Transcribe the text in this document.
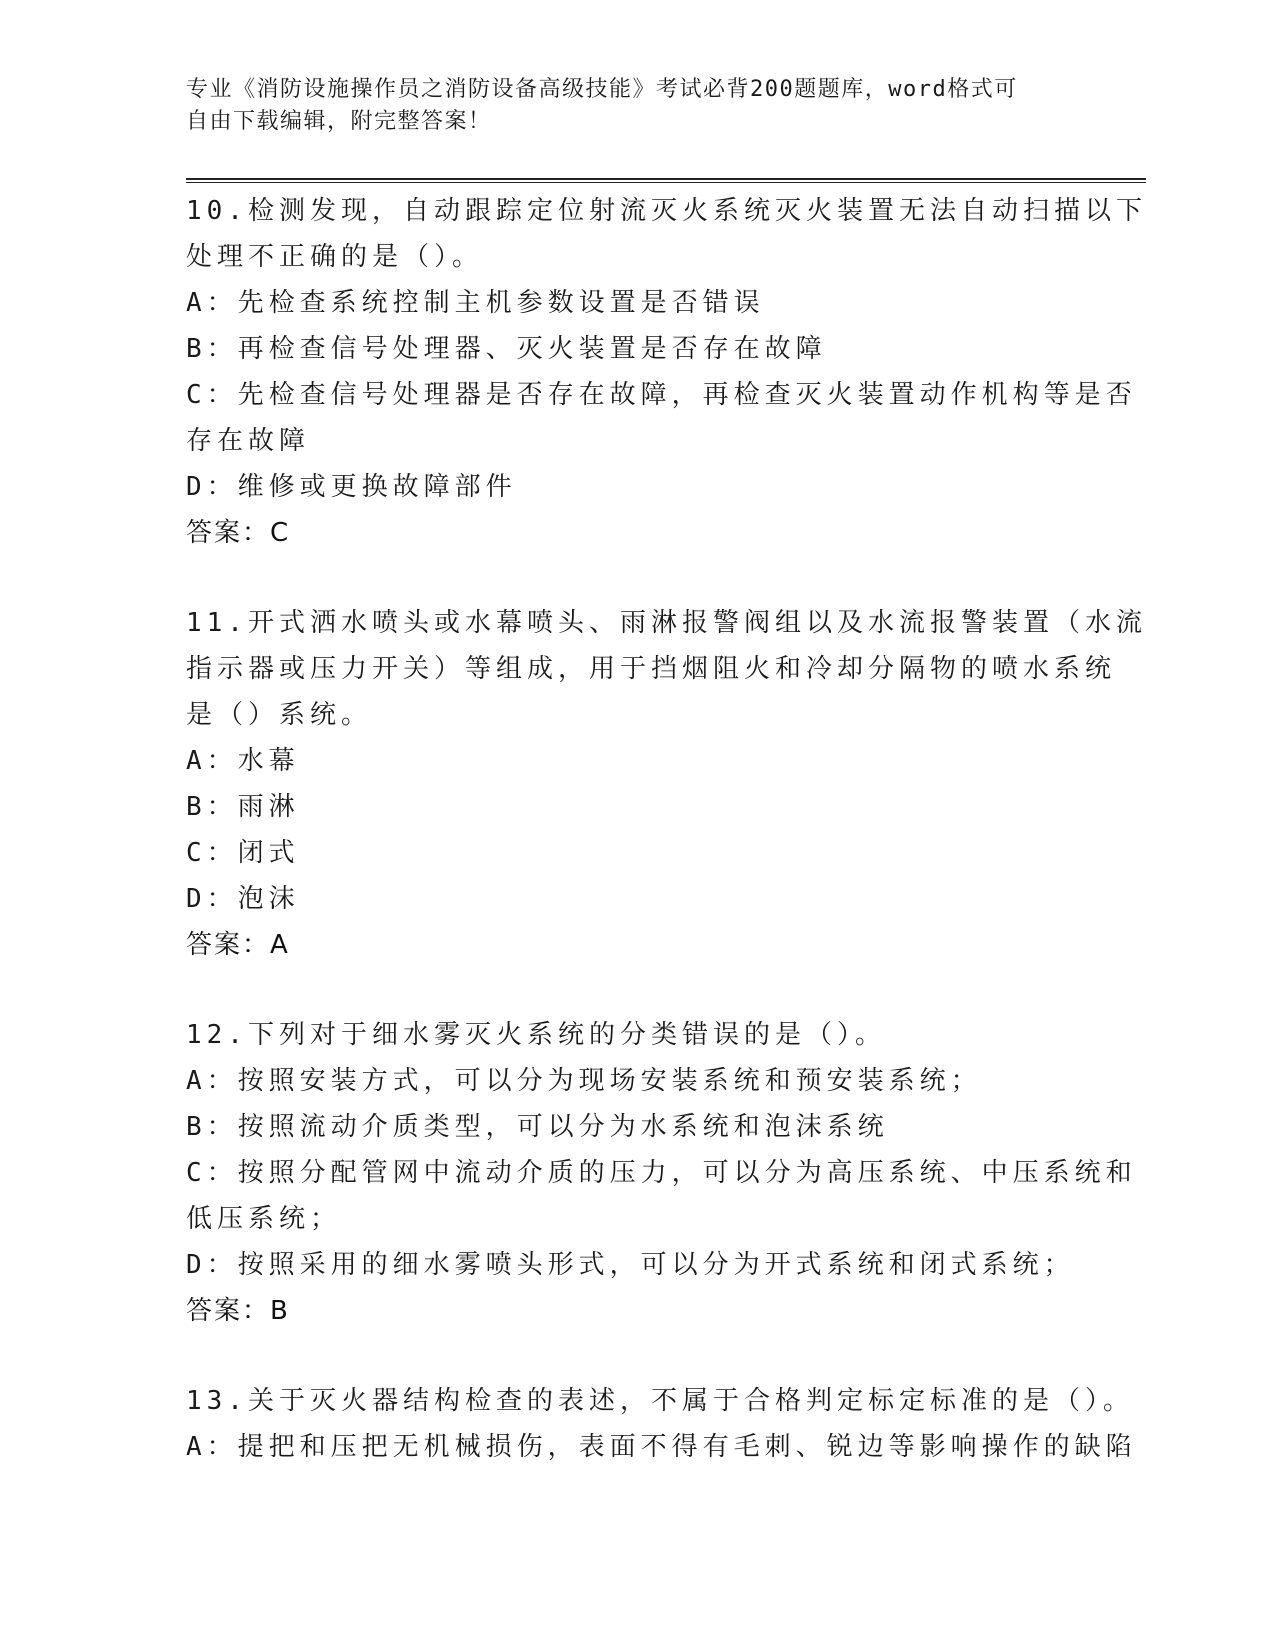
专业《消防设施操作员之消防设备高级技能》考试必背200题题库，word格式可
自由下载编辑，附完整答案！
10.检测发现，自动跟踪定位射流灭火系统灭火装置无法自动扫描以下
处理不正确的是（）。
A：先检查系统控制主机参数设置是否错误
B：再检查信号处理器、灭火装置是否存在故障
C：先检查信号处理器是否存在故障，再检查灭火装置动作机构等是否
存在故障
D：维修或更换故障部件
答案：C
11.开式洒水喷头或水幕喷头、雨淋报警阀组以及水流报警装置（水流
指示器或压力开关）等组成，用于挡烟阻火和冷却分隔物的喷水系统
是（）系统。
A：水幕
B：雨淋
C：闭式
D：泡沫
答案：A
12.下列对于细水雾灭火系统的分类错误的是（）。
A：按照安装方式，可以分为现场安装系统和预安装系统；
B：按照流动介质类型，可以分为水系统和泡沫系统
C：按照分配管网中流动介质的压力，可以分为高压系统、中压系统和
低压系统；
D：按照采用的细水雾喷头形式，可以分为开式系统和闭式系统；
答案：B
13.关于灭火器结构检查的表述，不属于合格判定标定标准的是（）。
A：提把和压把无机械损伤，表面不得有毛刺、锐边等影响操作的缺陷
